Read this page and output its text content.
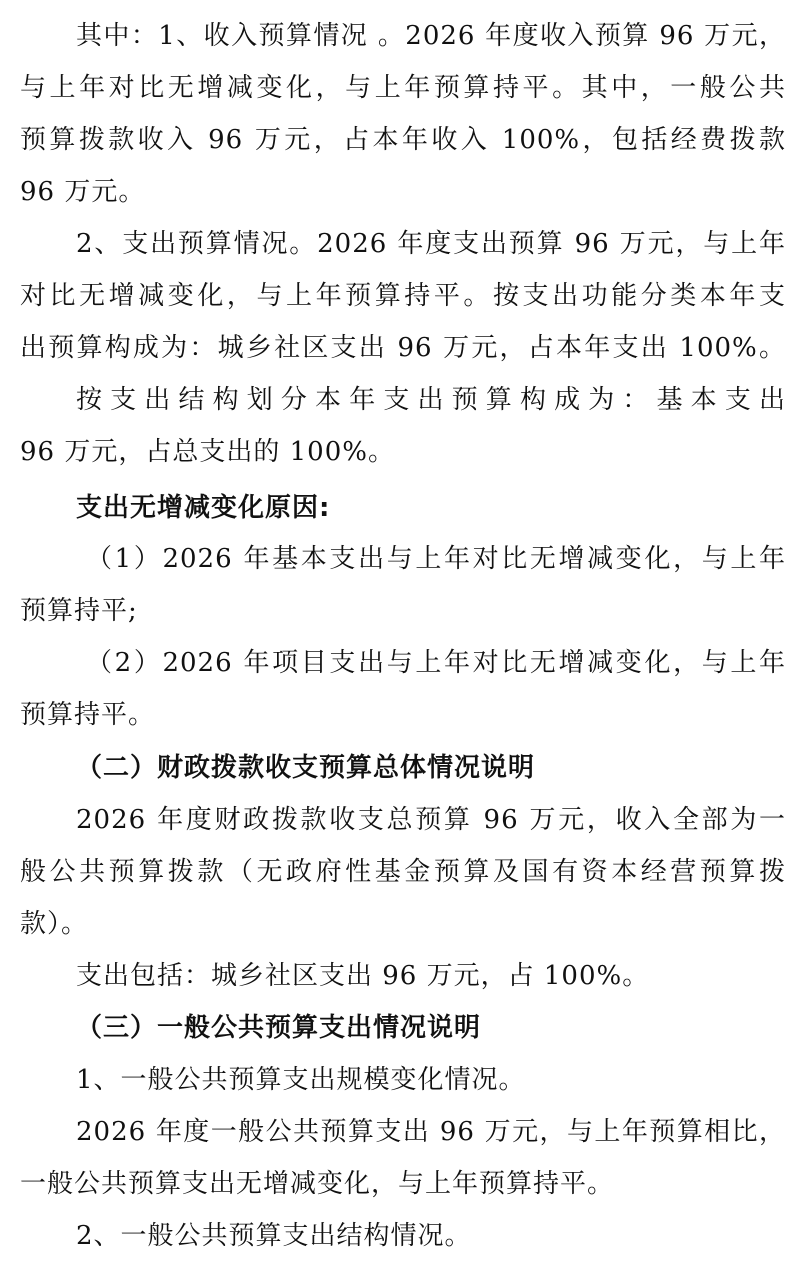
其中：1、收入预算情况 。2026 年度收入预算 96 万元，
与上年对比无增减变化，与上年预算持平。其中，一般公共
预算拨款收入 96 万元，占本年收入 100%，包括经费拨款
96 万元。
2、支出预算情况。2026 年度支出预算 96 万元，与上年
对比无增减变化，与上年预算持平。按支出功能分类本年支
出预算构成为：城乡社区支出 96 万元，占本年支出 100%。
按支出结构划分本年支出预算构成为：基本支出
96 万元，占总支出的 100%。
支出无增减变化原因:
（1）2026 年基本支出与上年对比无增减变化，与上年
预算持平;
（2）2026 年项目支出与上年对比无增减变化，与上年
预算持平。
（二）财政拨款收支预算总体情况说明
2026 年度财政拨款收支总预算 96 万元，收入全部为一
般公共预算拨款（无政府性基金预算及国有资本经营预算拨
款）。
支出包括：城乡社区支出 96 万元，占 100%。
（三）一般公共预算支出情况说明
1、一般公共预算支出规模变化情况。
2026 年度一般公共预算支出 96 万元，与上年预算相比，
一般公共预算支出无增减变化，与上年预算持平。
2、一般公共预算支出结构情况。
